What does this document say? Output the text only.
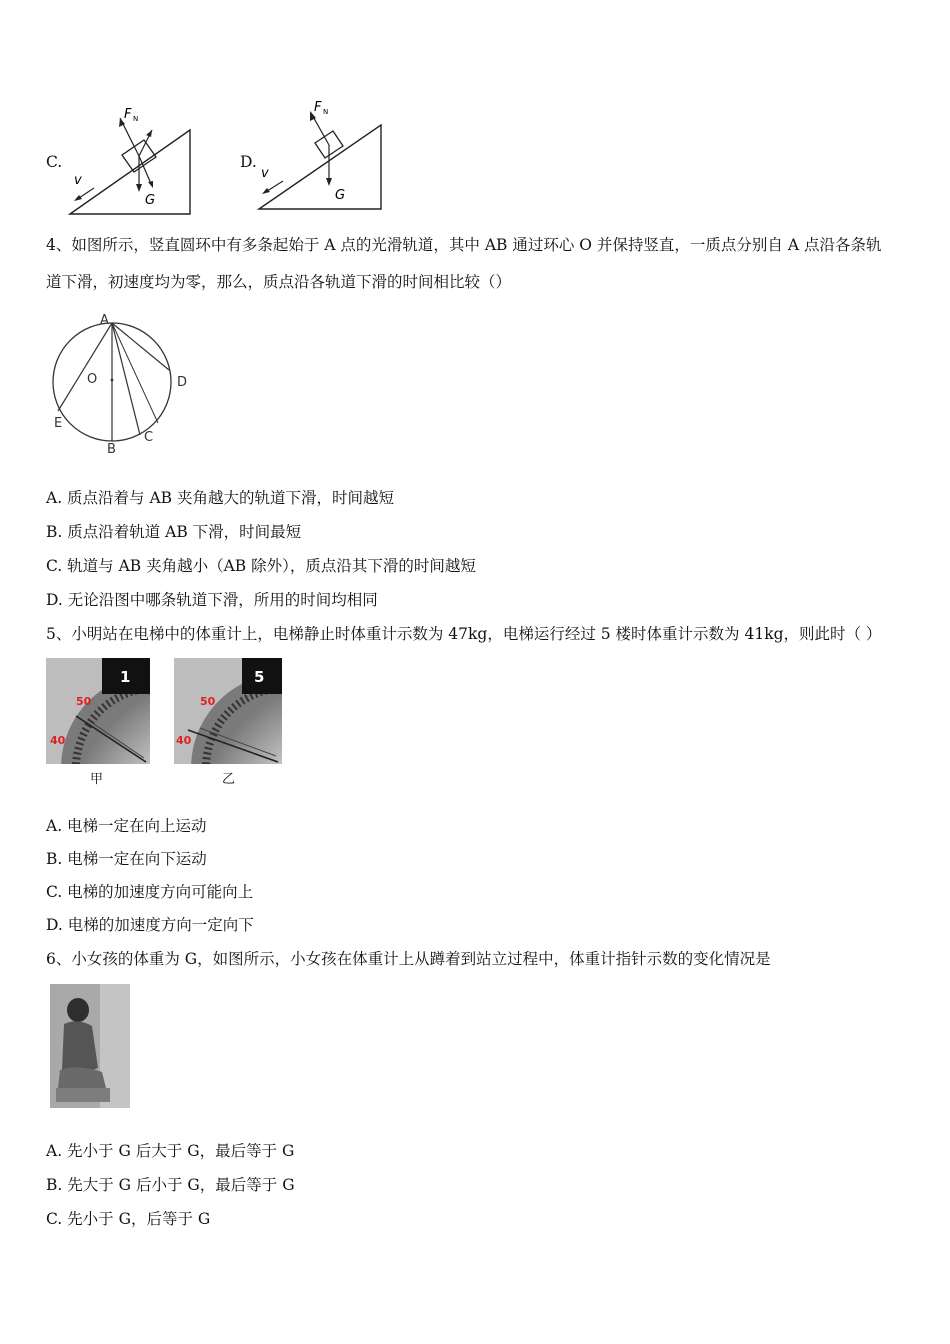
C.
F N
G
v
D.
F N
G
v
4、如图所示，竖直圆环中有多条起始于 A 点的光滑轨道，其中 AB 通过环心 O 并保持竖直，一质点分别自 A 点沿各条轨
道下滑，初速度均为零，那么，质点沿各轨道下滑的时间相比较（）
A
O	D
E
B
C
A. 质点沿着与 AB 夹角越大的轨道下滑，时间越短
B. 质点沿着轨道 AB 下滑，时间最短
C. 轨道与 AB 夹角越小（AB 除外），质点沿其下滑的时间越短
D. 无论沿图中哪条轨道下滑，所用的时间均相同
5、小明站在电梯中的体重计上，电梯静止时体重计示数为 47kg，电梯运行经过 5 楼时体重计示数为 41kg，则此时（ ）
1
50
40
甲
5
50
40
乙
A. 电梯一定在向上运动
B. 电梯一定在向下运动
C. 电梯的加速度方向可能向上
D. 电梯的加速度方向一定向下
6、小女孩的体重为 G，如图所示，小女孩在体重计上从蹲着到站立过程中，体重计指针示数的变化情况是
A. 先小于 G 后大于 G，最后等于 G
B. 先大于 G 后小于 G，最后等于 G
C. 先小于 G，后等于 G
